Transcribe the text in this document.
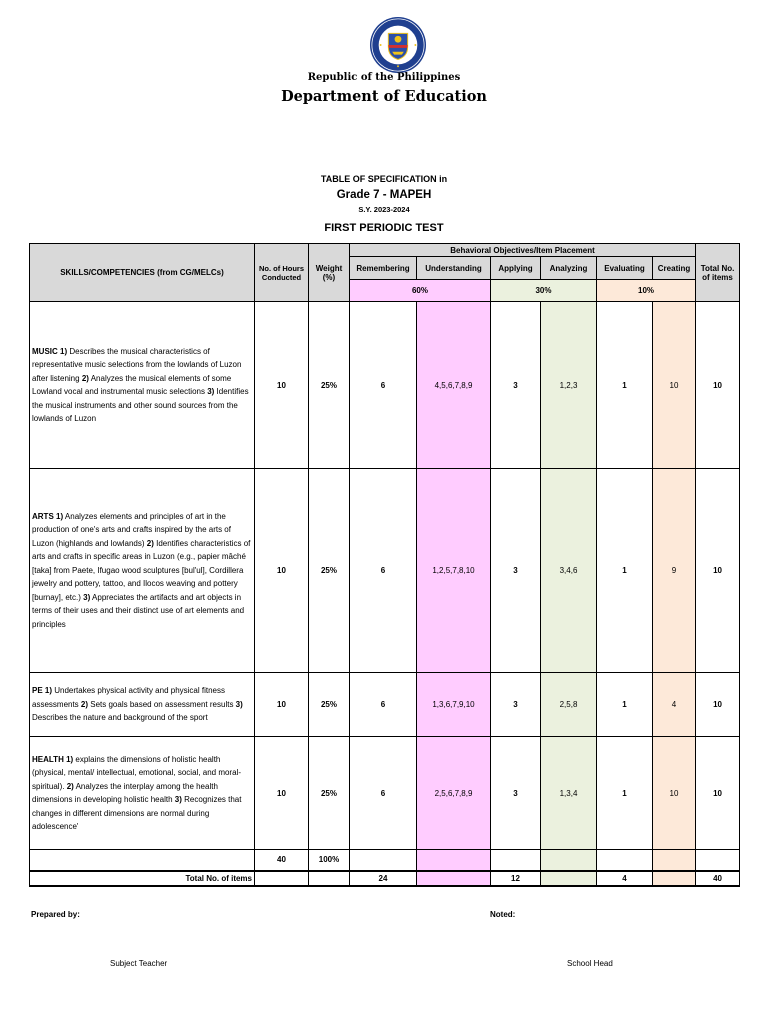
Republic of the Philippines
Department of Education
TABLE OF SPECIFICATION in
Grade 7 - MAPEH
S.Y. 2023-2024
FIRST PERIODIC TEST
SKILLS/COMPETENCIES (from CG/MELCs)	No. of Hours Conducted	Weight (%)	Behavioral Objectives/Item Placement						Total No. of items
			Remembering	Understanding	Applying	Analyzing	Evaluating	Creating	
			60%		30%		10%		
MUSIC 1) Describes the musical characteristics of representative music selections from the lowlands of Luzon after listening 2) Analyzes the musical elements of some Lowland vocal and instrumental music selections 3) Identifies the musical instruments and other sound sources from the lowlands of Luzon	10	25%	6	4,5,6,7,8,9	3	1,2,3	1	10	10
ARTS 1) Analyzes elements and principles of art in the production of one's arts and crafts inspired by the arts of Luzon (highlands and lowlands) 2) Identifies characteristics of arts and crafts in specific areas in Luzon (e.g., papier mâché [taka] from Paete, Ifugao wood sculptures [bul'ul], Cordillera jewelry and pottery, tattoo, and Ilocos weaving and pottery [burnay], etc.) 3) Appreciates the artifacts and art objects in terms of their uses and their distinct use of art elements and principles	10	25%	6	1,2,5,7,8,10	3	3,4,6	1	9	10
PE 1) Undertakes physical activity and physical fitness assessments 2) Sets goals based on assessment results 3) Describes the nature and background of the sport	10	25%	6	1,3,6,7,9,10	3	2,5,8	1	4	10
HEALTH 1) explains the dimensions of holistic health (physical, mental/ intellectual, emotional, social, and moral-spiritual). 2) Analyzes the interplay among the health dimensions in developing holistic health 3) Recognizes that changes in different dimensions are normal during adolescence'	10	25%	6	2,5,6,7,8,9	3	1,3,4	1	10	10
	40	100%							
Total No. of items			24		12		4		40
Prepared by:	Noted:
Subject Teacher	School Head
